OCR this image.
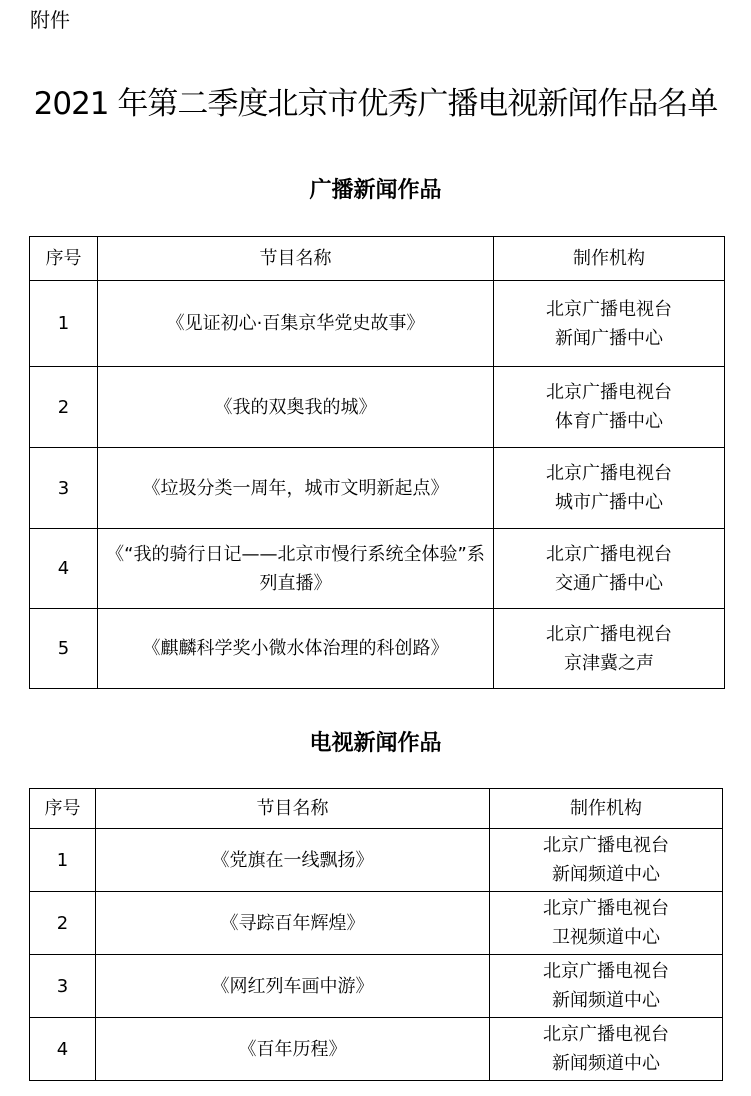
附件
2021 年第二季度北京市优秀广播电视新闻作品名单
广播新闻作品
序号	节目名称	制作机构
1	《见证初心·百集京华党史故事》	北京广播电视台
新闻广播中心

2	《我的双奥我的城》	北京广播电视台
体育广播中心

3	《垃圾分类一周年，城市文明新起点》	北京广播电视台
城市广播中心

4	《“我的骑行日记——北京市慢行系统全体验”系列直播》	北京广播电视台
交通广播中心

5	《麒麟科学奖小微水体治理的科创路》	北京广播电视台
京津冀之声
电视新闻作品
序号	节目名称	制作机构
1	《党旗在一线飘扬》	北京广播电视台
新闻频道中心

2	《寻踪百年辉煌》	北京广播电视台
卫视频道中心

3	《网红列车画中游》	北京广播电视台
新闻频道中心

4	《百年历程》	北京广播电视台
新闻频道中心
